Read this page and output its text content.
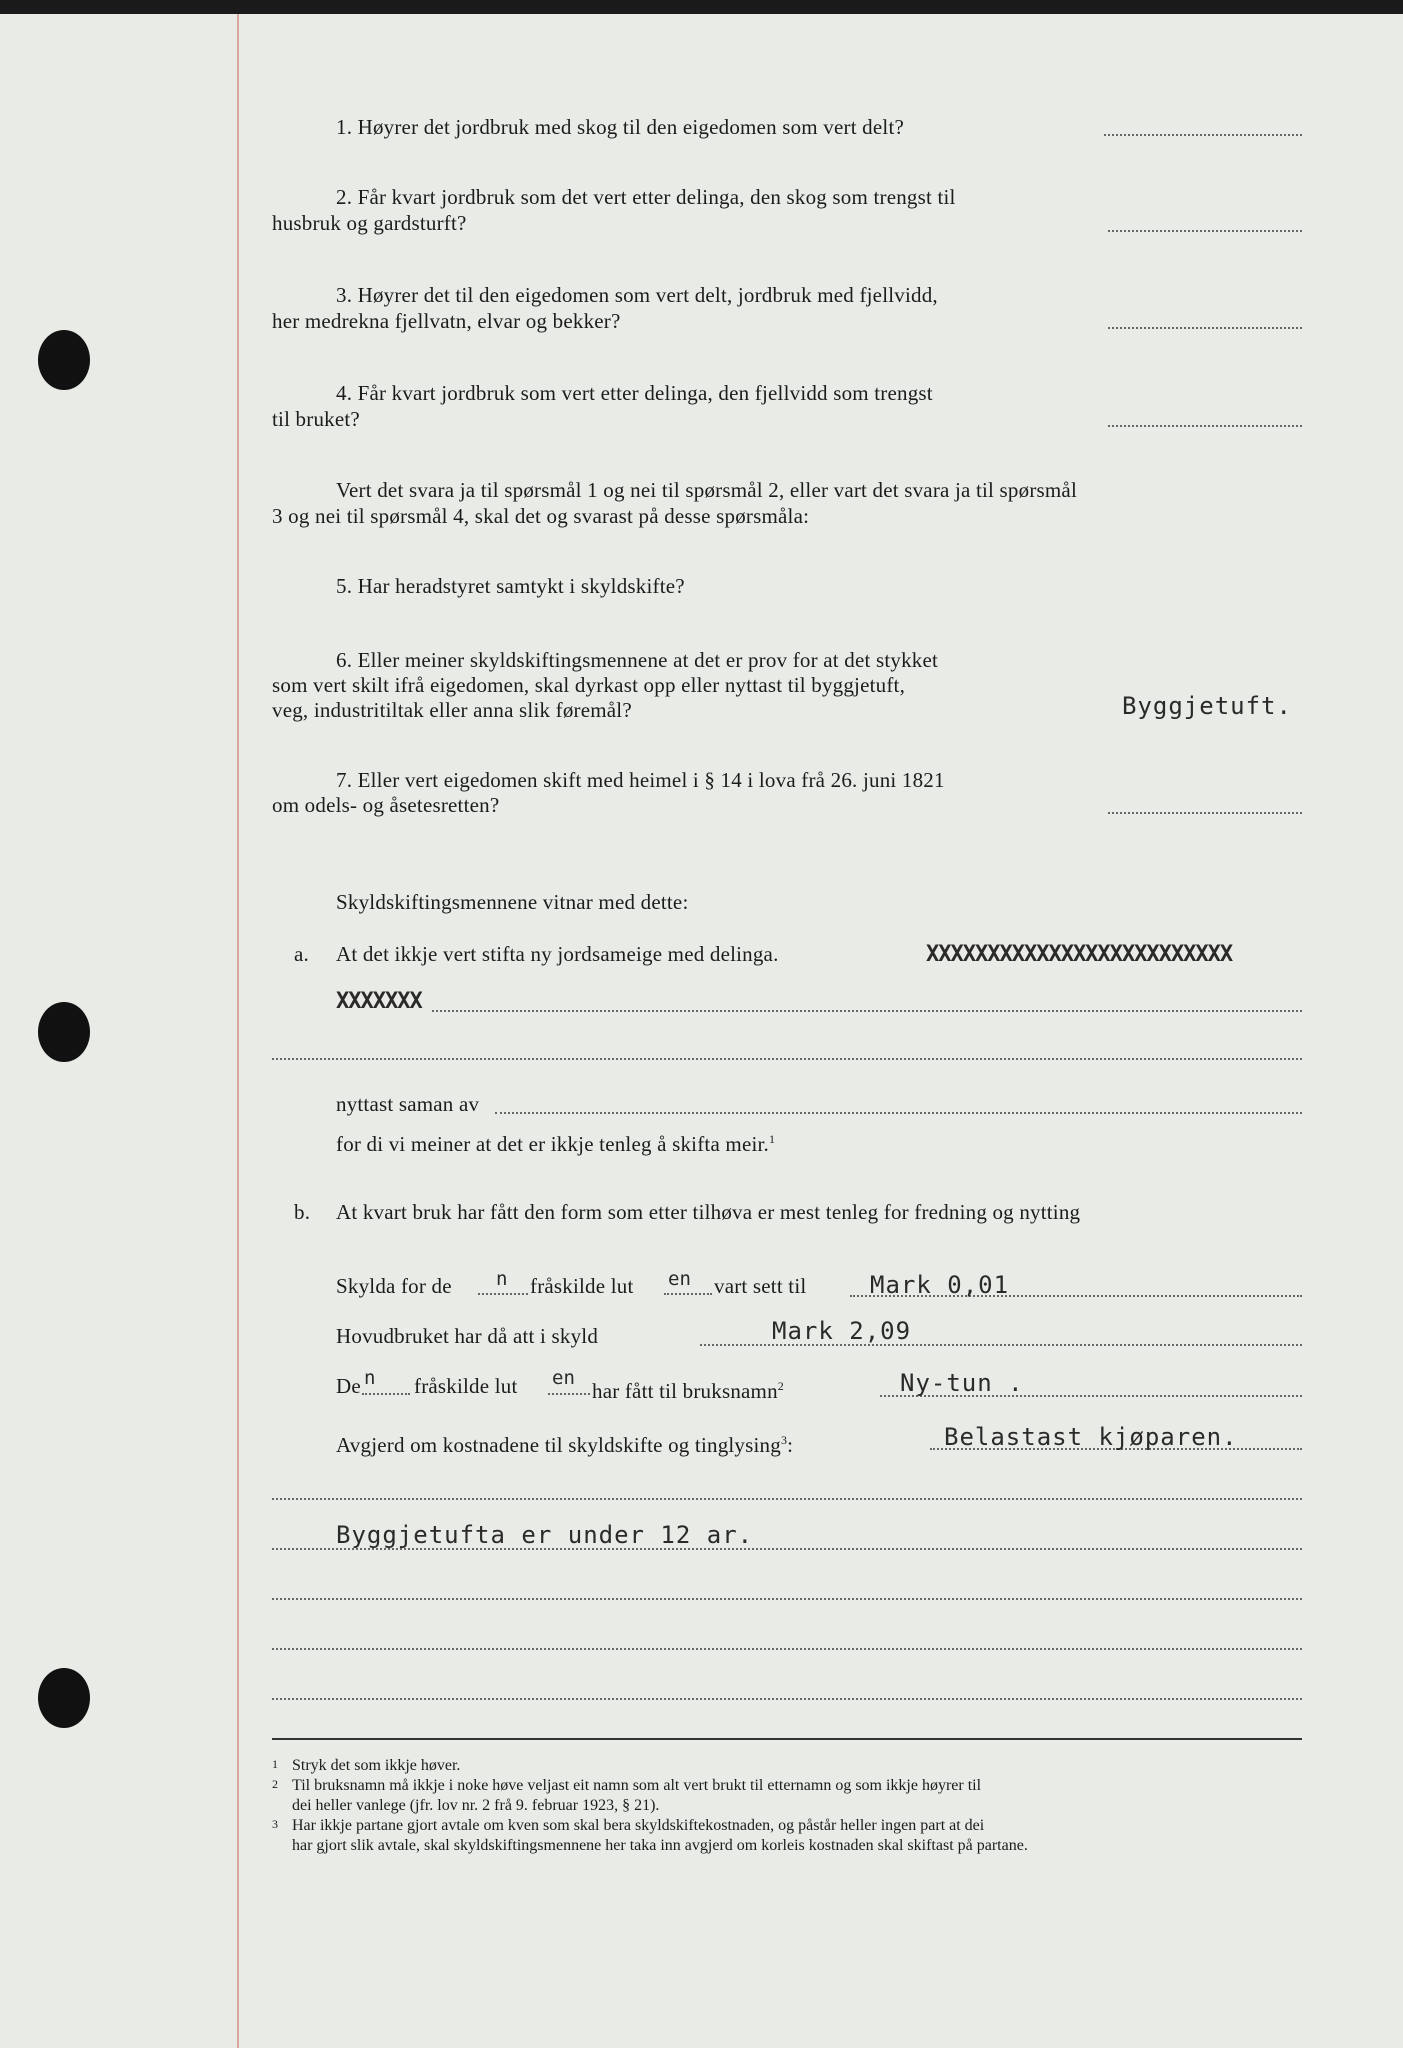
1. Høyrer det jordbruk med skog til den eigedomen som vert delt?
2. Får kvart jordbruk som det vert etter delinga, den skog som trengst til
husbruk og gardsturft?
3. Høyrer det til den eigedomen som vert delt, jordbruk med fjellvidd,
her medrekna fjellvatn, elvar og bekker?
4. Får kvart jordbruk som vert etter delinga, den fjellvidd som trengst
til bruket?
Vert det svara ja til spørsmål 1 og nei til spørsmål 2, eller vart det svara ja til spørsmål
3 og nei til spørsmål 4, skal det og svarast på desse spørsmåla:
5. Har heradstyret samtykt i skyldskifte?
6. Eller meiner skyldskiftingsmennene at det er prov for at det stykket
som vert skilt ifrå eigedomen, skal dyrkast opp eller nyttast til byggjetuft,
veg, industritiltak eller anna slik føremål?	Byggjetuft.
7. Eller vert eigedomen skift med heimel i § 14 i lova frå 26. juni 1821
om odels- og åsetesretten?
Skyldskiftingsmennene vitnar med dette:
a. At det ikkje vert stifta ny jordsameige med delinga.	XXXXXXXXXXXXXXXXXXXXXXXXX
XXXXXXX
nyttast saman av
for di vi meiner at det er ikkje tenleg å skifta meir.$^1$
b. At kvart bruk har fått den form som etter tilhøva er mest tenleg for fredning og nytting
Skylda for de n fråskilde lut en vart sett til	Mark 0,01
Hovudbruket har då att i skyld	Mark 2,09
De n fråskilde lut en
har fått til bruksnamn$^2$	Ny-tun .
Avgjerd om kostnadene til skyldskifte og tinglysing$^3$:	Belastast kjøparen.
Byggjetufta er under 12 ar.
$^1$ Stryk det som ikkje høver.
$^2$ Til bruksnamn må ikkje i noke høve veljast eit namn som alt vert brukt til etternamn og som ikkje høyrer til
dei heller vanlege (jfr. lov nr. 2 frå 9. februar 1923, § 21).
$^3$ Har ikkje partane gjort avtale om kven som skal bera skyldskiftekostnaden, og påstår heller ingen part at dei
har gjort slik avtale, skal skyldskiftingsmennene her taka inn avgjerd om korleis kostnaden skal skiftast på partane.
